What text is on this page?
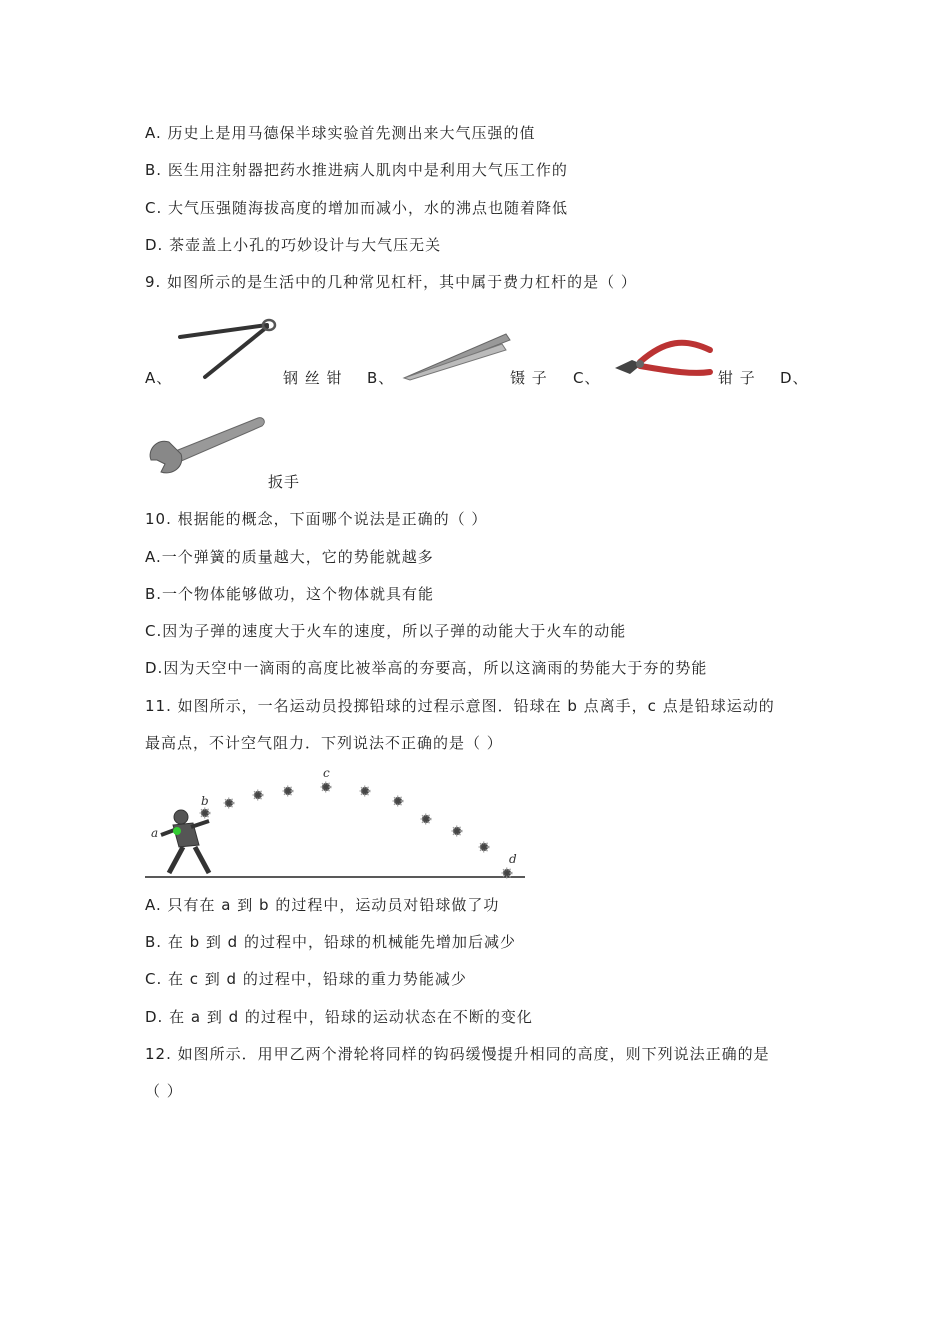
A. 历史上是用马德保半球实验首先测出来大气压强的值
B. 医生用注射器把药水推进病人肌肉中是利用大气压工作的
C. 大气压强随海拔高度的增加而减小，水的沸点也随着降低
D. 茶壶盖上小孔的巧妙设计与大气压无关
9. 如图所示的是生活中的几种常见杠杆，其中属于费力杠杆的是（ ）
A、	钢 丝 钳 B、	镊 子 C、	钳 子 D、
扳手
10. 根据能的概念，下面哪个说法是正确的（ ）
A.一个弹簧的质量越大，它的势能就越多
B.一个物体能够做功，这个物体就具有能
C.因为子弹的速度大于火车的速度，所以子弹的动能大于火车的动能
D.因为天空中一滴雨的高度比被举高的夯要高，所以这滴雨的势能大于夯的势能
11. 如图所示，一名运动员投掷铅球的过程示意图．铅球在 b 点离手，c 点是铅球运动的
最高点，不计空气阻力．下列说法不正确的是（ ）
a
b
c
d
A. 只有在 a 到 b 的过程中，运动员对铅球做了功
B. 在 b 到 d 的过程中，铅球的机械能先增加后减少
C. 在 c 到 d 的过程中，铅球的重力势能减少
D. 在 a 到 d 的过程中，铅球的运动状态在不断的变化
12. 如图所示．用甲乙两个滑轮将同样的钩码缓慢提升相同的高度，则下列说法正确的是
（ ）
